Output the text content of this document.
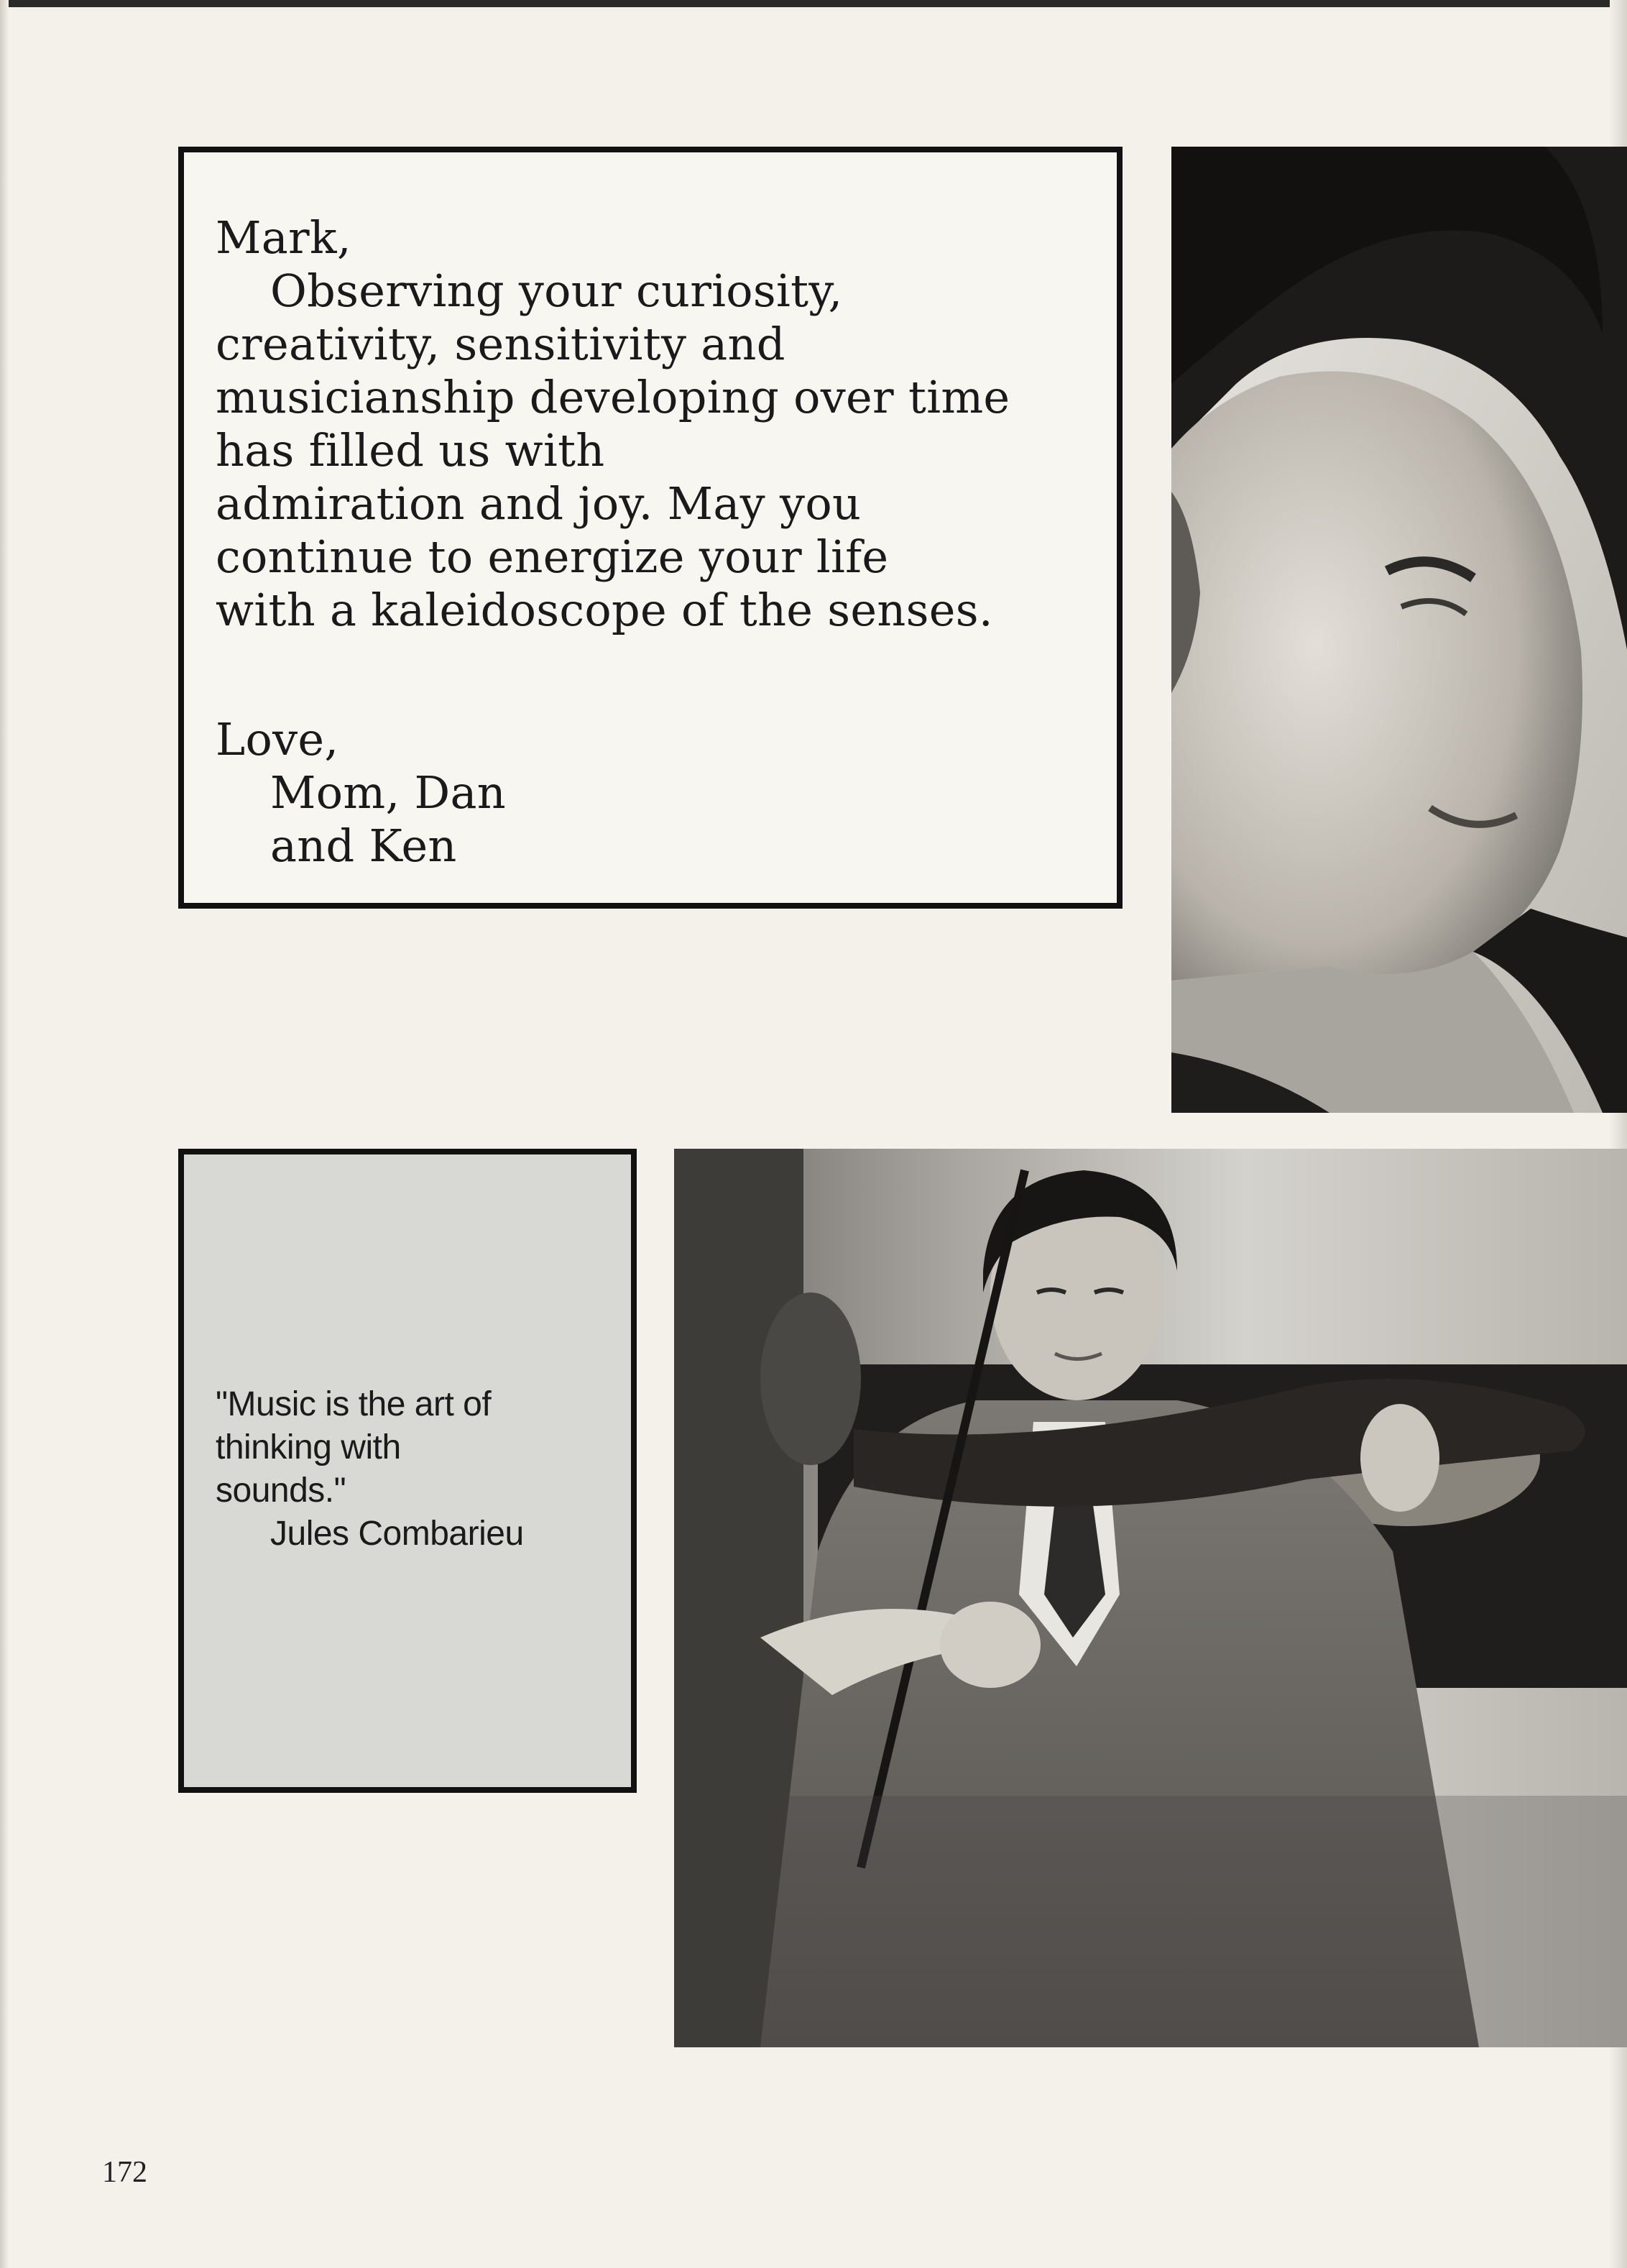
Mark,

Observing your curiosity,

creativity, sensitivity and

musicianship developing over time

has filled us with

admiration and joy. May you

continue to energize your life

with a kaleidoscope of the senses.

Love,

Mom, Dan

and Ken

"Music is the art of

thinking with

sounds."

Jules Combarieu

172
